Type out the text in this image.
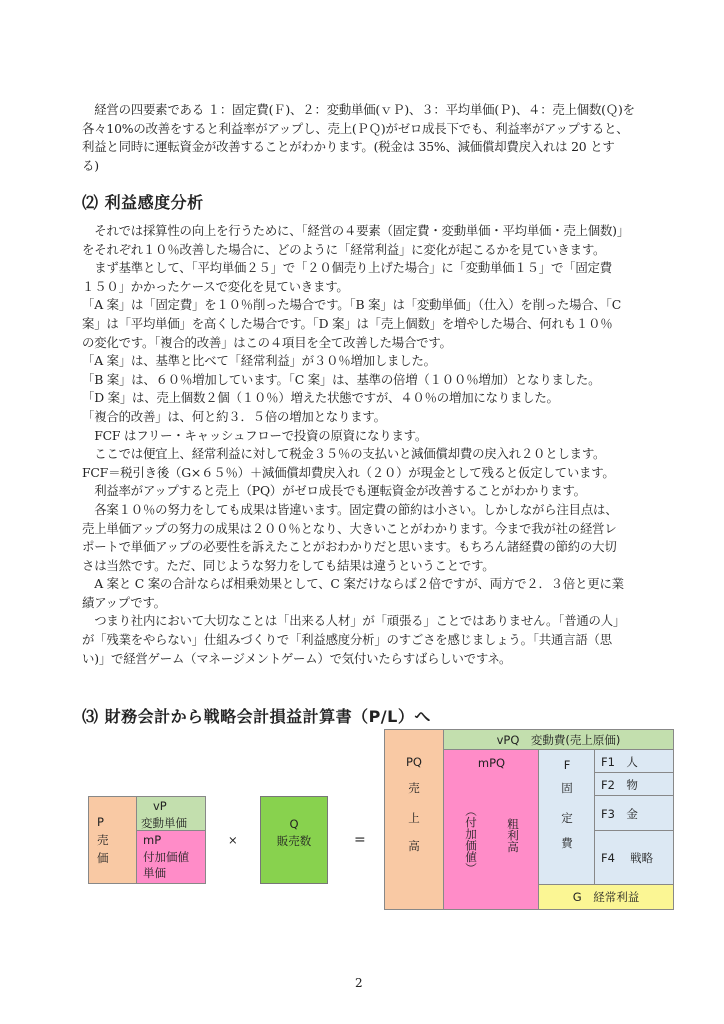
　経営の四要素である １：固定費(Ｆ)、２：変動単価(ｖＰ)、３：平均単価(Ｐ)、４：売上個数(Ｑ)を

各々10%の改善をすると利益率がアップし、売上(ＰＱ)がゼロ成長下でも、利益率がアップすると、

利益と同時に運転資金が改善することがわかります。(税金は 35%、減価償却費戻入れは 20 とす

る)

⑵ 利益感度分析

　それでは採算性の向上を行うために、「経営の４要素（固定費・変動単価・平均単価・売上個数)」

をそれぞれ１０％改善した場合に、どのように「経常利益」に変化が起こるかを見ていきます。

　まず基準として、「平均単価２５」で「２０個売り上げた場合」に「変動単価１５」で「固定費

１５０」かかったケースで変化を見ていきます。

「A 案」は「固定費」を１０％削った場合です。「B 案」は「変動単価」（仕入）を削った場合、「C

案」は「平均単価」を高くした場合です。「D 案」は「売上個数」を増やした場合、何れも１０％

の変化です。「複合的改善」はこの４項目を全て改善した場合です。

「A 案」は、基準と比べて「経常利益」が３０％増加しました。

「B 案」は、６０％増加しています。「C 案」は、基準の倍増（１００％増加）となりました。

「D 案」は、売上個数２個（１０％）増えた状態ですが、４０％の増加になりました。

「複合的改善」は、何と約３．５倍の増加となります。

　FCF はフリー・キャッシュフローで投資の原資になります。

　ここでは便宜上、経常利益に対して税金３５％の支払いと減価償却費の戻入れ２０とします。

FCF＝税引き後（G×６５％）＋減価償却費戻入れ（２０）が現金として残ると仮定しています。

　利益率がアップすると売上（PQ）がゼロ成長でも運転資金が改善することがわかります。

　各案１０％の努力をしても成果は皆違います。固定費の節約は小さい。しかしながら注目点は、

売上単価アップの努力の成果は２００％となり、大きいことがわかります。今まで我が社の経営レ

ポートで単価アップの必要性を訴えたことがおわかりだと思います。もちろん諸経費の節約の大切

さは当然です。ただ、同じような努力をしても結果は違うということです。

　A 案と C 案の合計ならば相乗効果として、C 案だけならば２倍ですが、両方で２．３倍と更に業

績アップです。

　つまり社内において大切なことは「出来る人材」が「頑張る」ことではありません。「普通の人」

が「残業をやらない」仕組みづくりで「利益感度分析」のすごさを感じましょう。「共通言語（思

い)」で経営ゲーム（マネージメントゲーム）で気付いたらすばらしいですネ。

⑶ 財務会計から戦略会計損益計算書（P/L）へ
P
売
価
vP
変動単価
mP
付加価値
単価
×
Q
販売数	=
PQ
売
上
高
vPQ　変動費(売上原価)
mPQ
（付加価値） 粗利高
F
固
定
費
F1　人
F2　物
F3　金
F4　 戦略
G　経常利益
2
